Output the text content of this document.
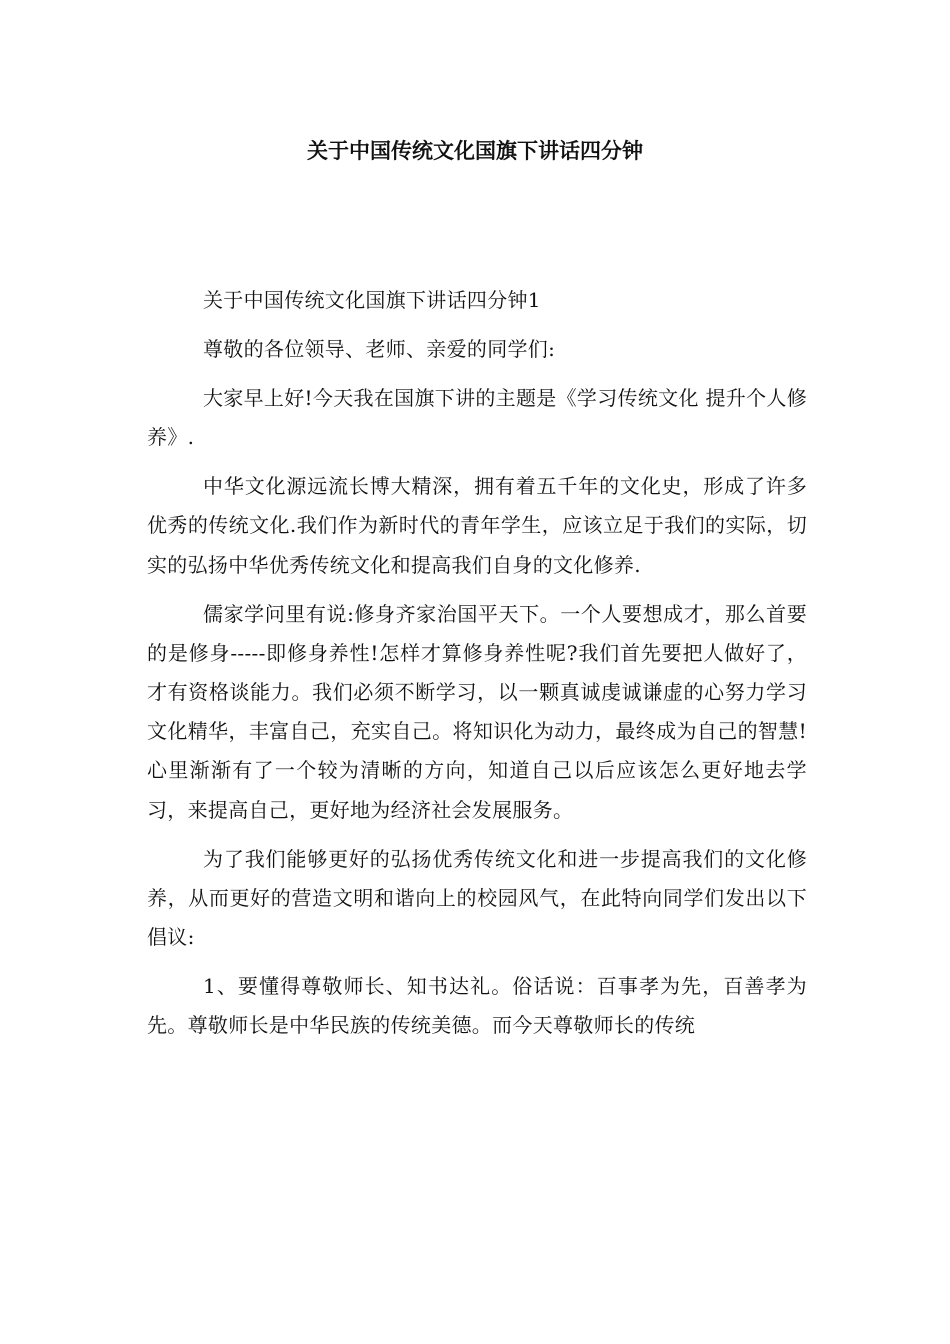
关于中国传统文化国旗下讲话四分钟

关于中国传统文化国旗下讲话四分钟1

尊敬的各位领导、老师、亲爱的同学们:

大家早上好!今天我在国旗下讲的主题是《学习传统文化 提升个人修养》.

中华文化源远流长博大精深，拥有着五千年的文化史，形成了许多优秀的传统文化.我们作为新时代的青年学生，应该立足于我们的实际，切实的弘扬中华优秀传统文化和提高我们自身的文化修养.

儒家学问里有说:修身齐家治国平天下。一个人要想成才，那么首要的是修身-----即修身养性!怎样才算修身养性呢?我们首先要把人做好了，才有资格谈能力。我们必须不断学习，以一颗真诚虔诚谦虚的心努力学习文化精华，丰富自己，充实自己。将知识化为动力，最终成为自己的智慧!心里渐渐有了一个较为清晰的方向，知道自己以后应该怎么更好地去学习，来提高自己，更好地为经济社会发展服务。

为了我们能够更好的弘扬优秀传统文化和进一步提高我们的文化修养，从而更好的营造文明和谐向上的校园风气，在此特向同学们发出以下倡议:

1、要懂得尊敬师长、知书达礼。俗话说：百事孝为先，百善孝为先。尊敬师长是中华民族的传统美德。而今天尊敬师长的传统
